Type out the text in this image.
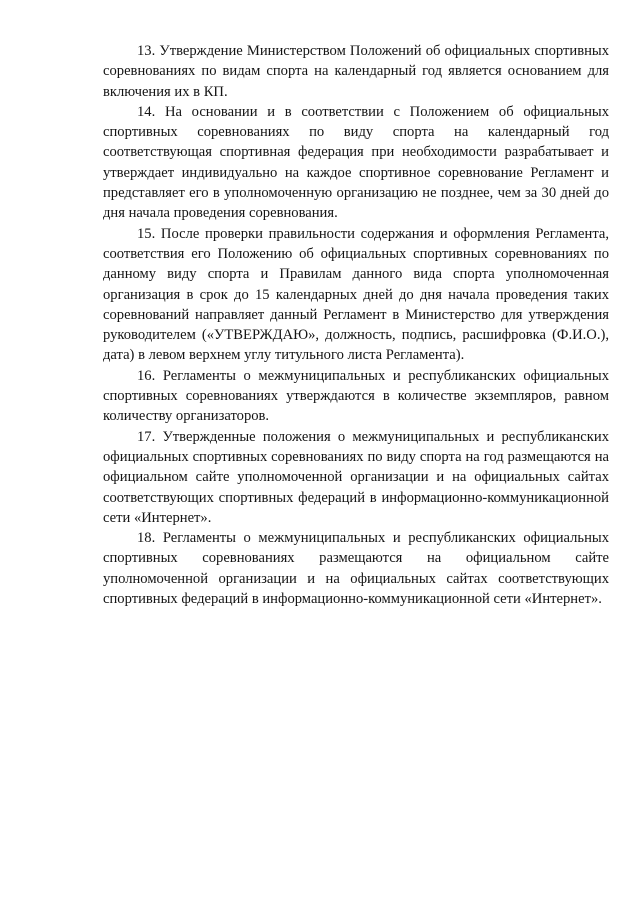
13. Утверждение Министерством Положений об официальных спортивных соревнованиях по видам спорта на календарный год является основанием для включения их в КП.

14. На основании и в соответствии с Положением об официальных спортивных соревнованиях по виду спорта на календарный год соответствующая спортивная федерация при необходимости разрабатывает и утверждает индивидуально на каждое спортивное соревнование Регламент и представляет его в уполномоченную организацию не позднее, чем за 30 дней до дня начала проведения соревнования.

15. После проверки правильности содержания и оформления Регламента, соответствия его Положению об официальных спортивных соревнованиях по данному виду спорта и Правилам данного вида спорта уполномоченная организация в срок до 15 календарных дней до дня начала проведения таких соревнований направляет данный Регламент в Министерство для утверждения руководителем («УТВЕРЖДАЮ», должность, подпись, расшифровка (Ф.И.О.), дата) в левом верхнем углу титульного листа Регламента).

16. Регламенты о межмуниципальных и республиканских официальных спортивных соревнованиях утверждаются в количестве экземпляров, равном количеству организаторов.

17. Утвержденные положения о межмуниципальных и республиканских официальных спортивных соревнованиях по виду спорта на год размещаются на официальном сайте уполномоченной организации и на официальных сайтах соответствующих спортивных федераций в информационно-коммуникационной сети «Интернет».

18. Регламенты о межмуниципальных и республиканских официальных спортивных соревнованиях размещаются на официальном сайте уполномоченной организации и на официальных сайтах соответствующих спортивных федераций в информационно-коммуникационной сети «Интернет».
